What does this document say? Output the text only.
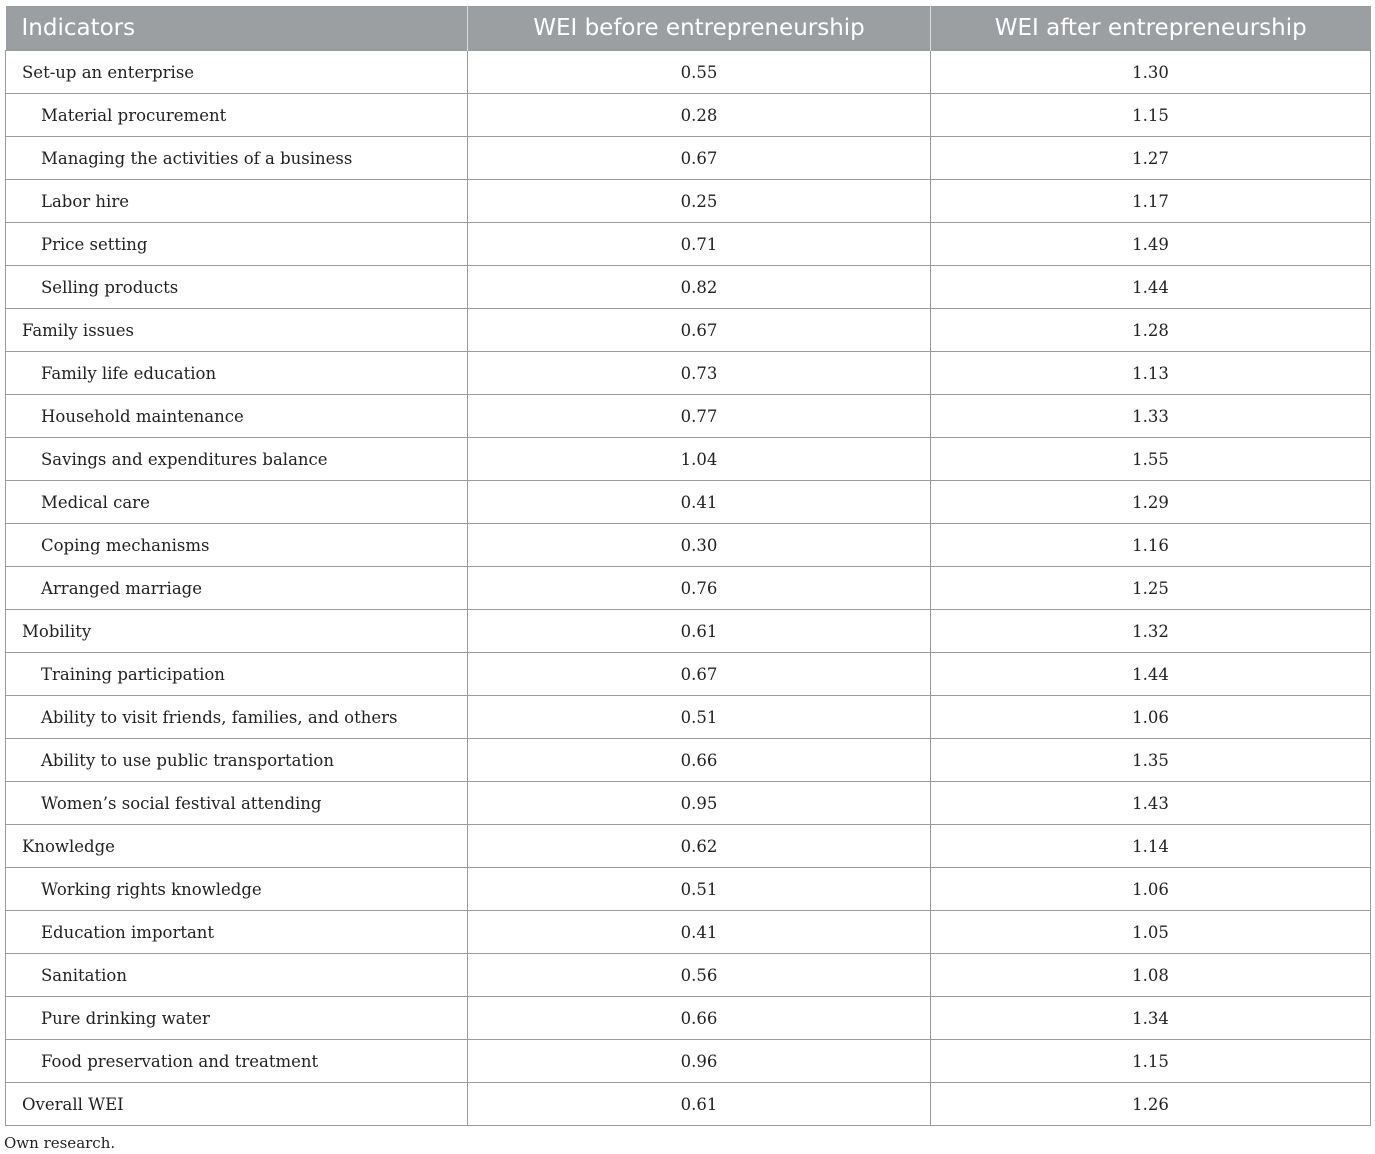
Indicators	WEI before entrepreneurship	WEI after entrepreneurship
Set-up an enterprise	0.55	1.30
Material procurement	0.28	1.15
Managing the activities of a business	0.67	1.27
Labor hire	0.25	1.17
Price setting	0.71	1.49
Selling products	0.82	1.44
Family issues	0.67	1.28
Family life education	0.73	1.13
Household maintenance	0.77	1.33
Savings and expenditures balance	1.04	1.55
Medical care	0.41	1.29
Coping mechanisms	0.30	1.16
Arranged marriage	0.76	1.25
Mobility	0.61	1.32
Training participation	0.67	1.44
Ability to visit friends, families, and others	0.51	1.06
Ability to use public transportation	0.66	1.35
Women’s social festival attending	0.95	1.43
Knowledge	0.62	1.14
Working rights knowledge	0.51	1.06
Education important	0.41	1.05
Sanitation	0.56	1.08
Pure drinking water	0.66	1.34
Food preservation and treatment	0.96	1.15
Overall WEI	0.61	1.26
Own research.
